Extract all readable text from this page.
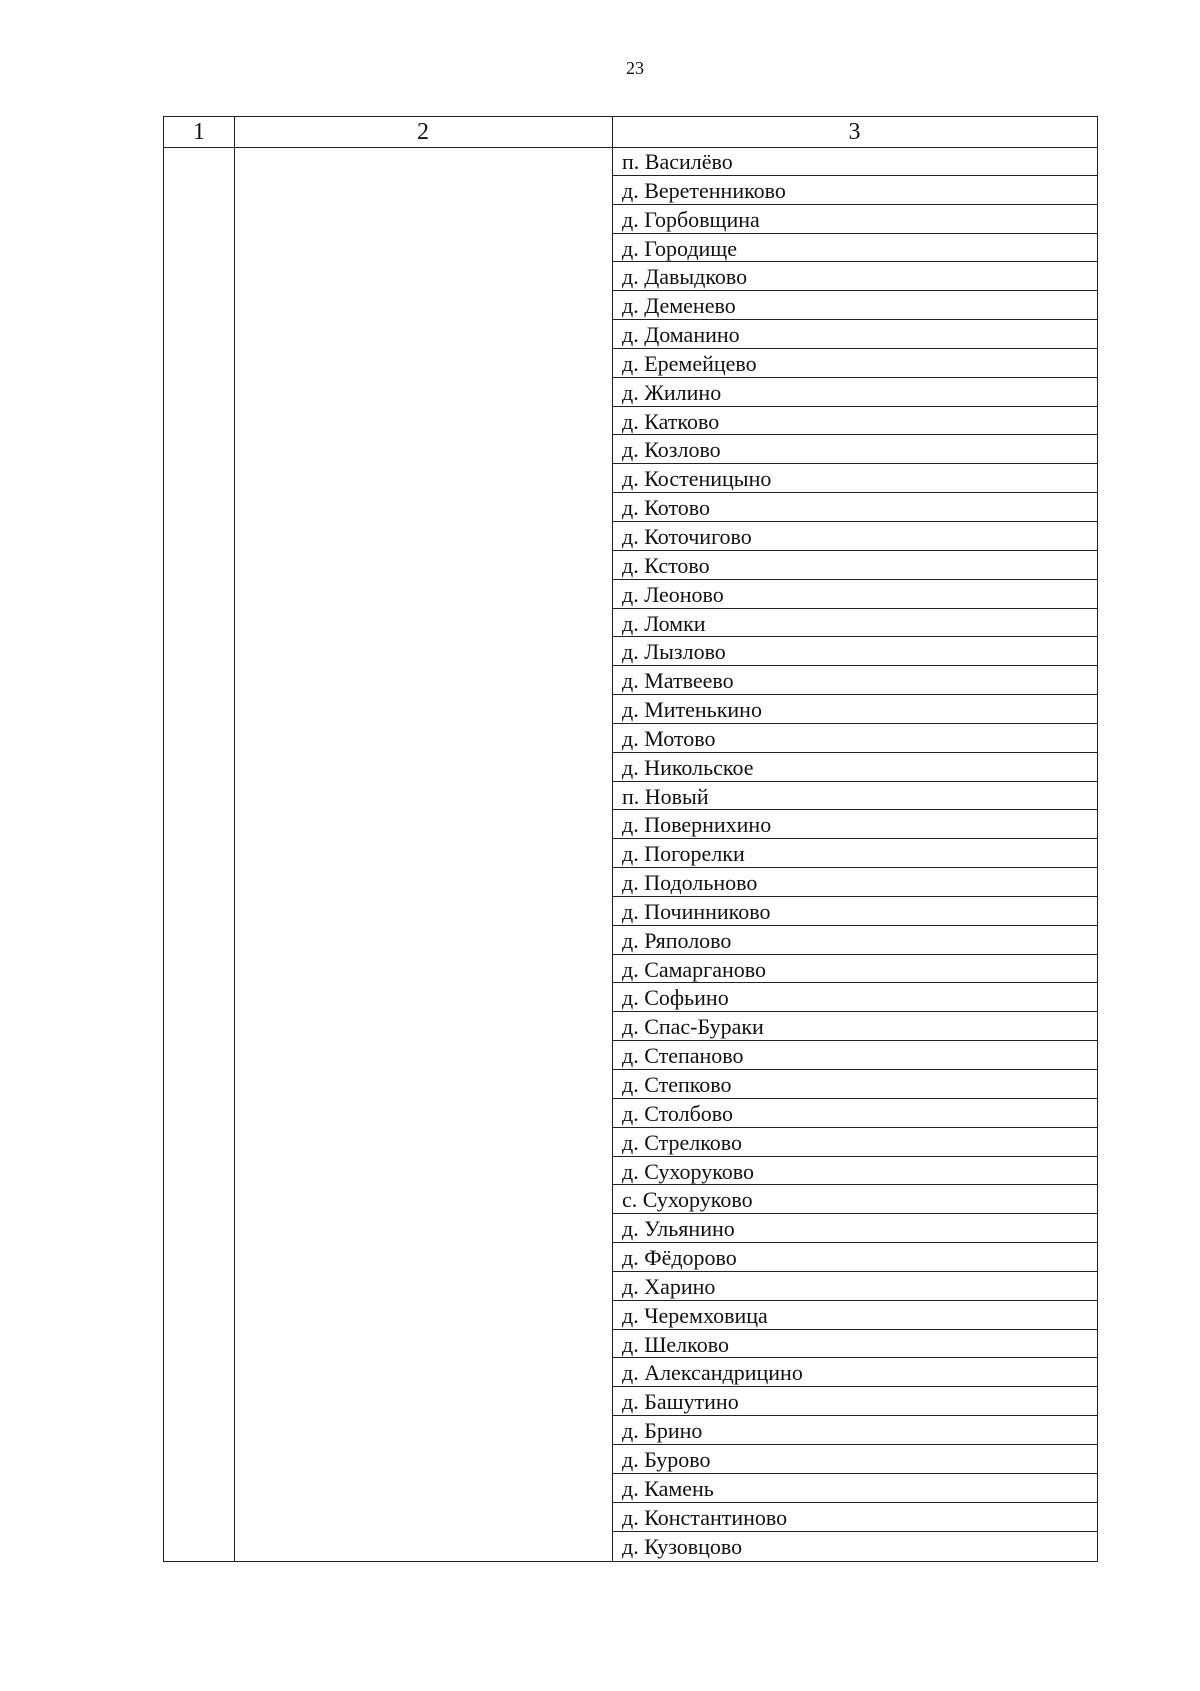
23
1	2	3
п. Василёво
д. Веретенниково
д. Горбовщина
д. Городище
д. Давыдково
д. Деменево
д. Доманино
д. Еремейцево
д. Жилино
д. Катково
д. Козлово
д. Костеницыно
д. Котово
д. Коточигово
д. Кстово
д. Леоново
д. Ломки
д. Лызлово
д. Матвеево
д. Митенькино
д. Мотово
д. Никольское
п. Новый
д. Повернихино
д. Погорелки
д. Подольново
д. Починниково
д. Ряполово
д. Самарганово
д. Софьино
д. Спас-Бураки
д. Степаново
д. Степково
д. Столбово
д. Стрелково
д. Сухоруково
с. Сухоруково
д. Ульянино
д. Фёдорово
д. Харино
д. Черемховица
д. Шелково
д. Александрицино
д. Башутино
д. Брино
д. Бурово
д. Камень
д. Константиново
д. Кузовцово
